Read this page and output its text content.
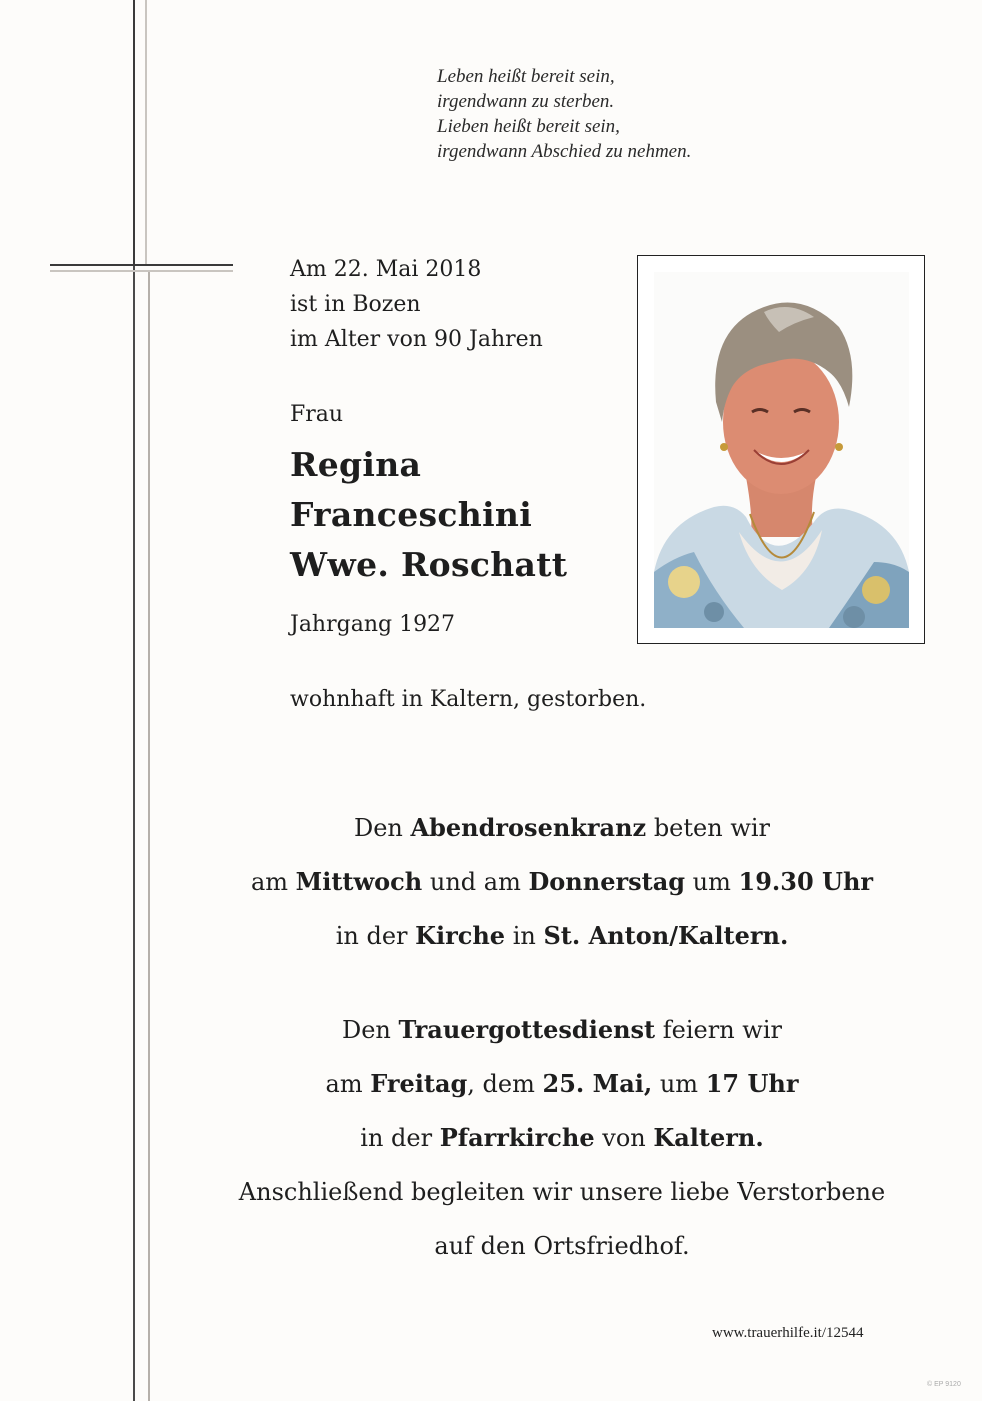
Leben heißt bereit sein,
irgendwann zu sterben.
Lieben heißt bereit sein,
irgendwann Abschied zu nehmen.
Am 22. Mai 2018
ist in Bozen
im Alter von 90 Jahren
Frau
Regina
Franceschini
Wwe. Roschatt
Jahrgang 1927
wohnhaft in Kaltern, gestorben.
Den Abendrosenkranz beten wir
am Mittwoch und am Donnerstag um 19.30 Uhr
in der Kirche in St. Anton/Kaltern.
Den Trauergottesdienst feiern wir
am Freitag, dem 25. Mai, um 17 Uhr
in der Pfarrkirche von Kaltern.
Anschließend begleiten wir unsere liebe Verstorbene
auf den Ortsfriedhof.
www.trauerhilfe.it/12544
© EP 9120
